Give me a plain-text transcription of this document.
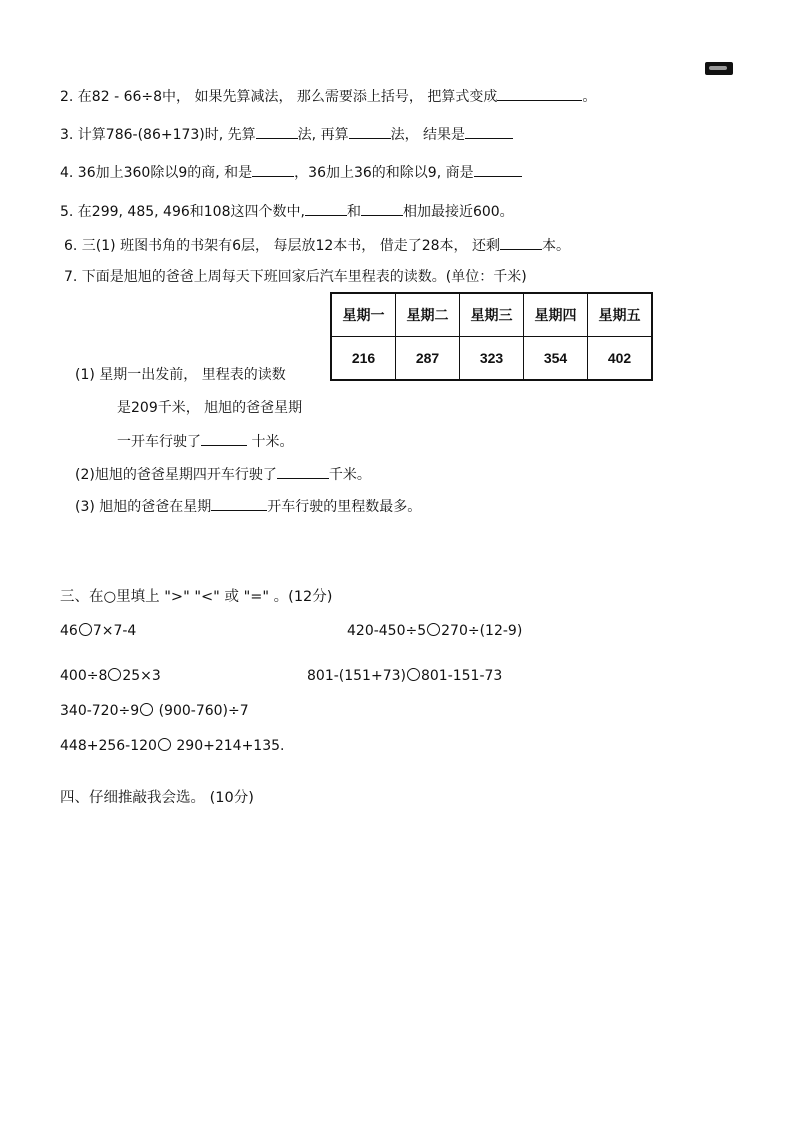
2. 在82 - 66÷8中， 如果先算减法， 那么需要添上括号， 把算式变成	。
3. 计算786-(86+173)时, 先算	法, 再算	法， 结果是
4. 36加上360除以9的商, 和是	，36加上36的和除以9, 商是
5. 在299, 485, 496和108这四个数中,	和	相加最接近600。
6. 三(1) 班图书角的书架有6层， 每层放12本书， 借走了28本， 还剩	本。
7. 下面是旭旭的爸爸上周每天下班回家后汽车里程表的读数。(单位：千米)
星期一	星期二	星期三	星期四	星期五
216	287	323	354	402
(1) 星期一出发前， 里程表的读数
是209千米， 旭旭的爸爸星期
一开车行驶了	十米。
(2)旭旭的爸爸星期四开车行驶了	千米。
(3) 旭旭的爸爸在星期	开车行驶的里程数最多。
三、在○里填上 ">" "<" 或 "=" 。(12分)
46 7×7-4	420-450÷5 270÷(12-9)
400÷8 25×3	801-(151+73) 801-151-73
340-720÷9 (900-760)÷7
448+256-120 290+214+135.
四、仔细推敲我会选。 (10分)
